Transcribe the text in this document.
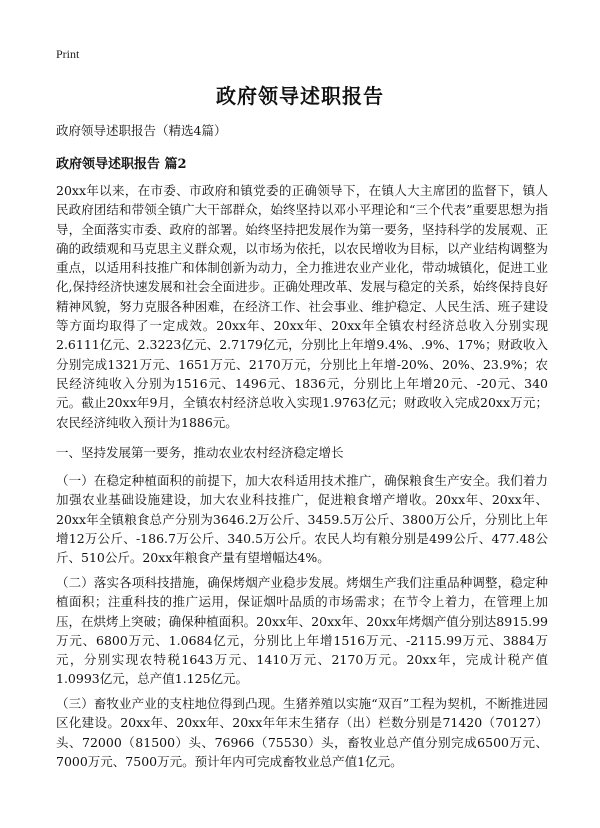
Print
政府领导述职报告
政府领导述职报告（精选4篇）
政府领导述职报告 篇2
20xx年以来，在市委、市政府和镇党委的正确领导下，在镇人大主席团的监督下，镇人民政府团结和带领全镇广大干部群众，始终坚持以邓小平理论和“三个代表”重要思想为指导，全面落实市委、政府的部署。始终坚持把发展作为第一要务，坚持科学的发展观、正确的政绩观和马克思主义群众观，以市场为依托，以农民增收为目标，以产业结构调整为重点，以适用科技推广和体制创新为动力，全力推进农业产业化，带动城镇化，促进工业化,保持经济快速发展和社会全面进步。正确处理改革、发展与稳定的关系，始终保持良好精神风貌，努力克服各种困难，在经济工作、社会事业、维护稳定、人民生活、班子建设等方面均取得了一定成效。20xx年、20xx年、20xx年全镇农村经济总收入分别实现2.6111亿元、2.3223亿元、2.7179亿元，分别比上年增9.4%、.9%、17%；财政收入分别完成1321万元、1651万元、2170万元，分别比上年增-20%、20%、23.9%；农民经济纯收入分别为1516元、1496元、1836元，分别比上年增20元、-20元、340元。截止20xx年9月，全镇农村经济总收入实现1.9763亿元；财政收入完成20xx万元；农民经济纯收入预计为1886元。
一、坚持发展第一要务，推动农业农村经济稳定增长
（一）在稳定种植面积的前提下，加大农科适用技术推广，确保粮食生产安全。我们着力加强农业基础设施建设，加大农业科技推广，促进粮食增产增收。20xx年、20xx年、20xx年全镇粮食总产分别为3646.2万公斤、3459.5万公斤、3800万公斤，分别比上年增12万公斤、-186.7万公斤、340.5万公斤。农民人均有粮分别是499公斤、477.48公斤、510公斤。20xx年粮食产量有望增幅达4%。
（二）落实各项科技措施，确保烤烟产业稳步发展。烤烟生产我们注重品种调整，稳定种植面积；注重科技的推广运用，保证烟叶品质的市场需求；在节令上着力，在管理上加压，在烘烤上突破；确保种植面积。20xx年、20xx年、20xx年烤烟产值分别达8915.99万元、6800万元、1.0684亿元，分别比上年增1516万元、-2115.99万元、3884万元，分别实现农特税1643万元、1410万元、2170万元。20xx年，完成计税产值1.0993亿元，总产值1.125亿元。
（三）畜牧业产业的支柱地位得到凸现。生猪养殖以实施“双百”工程为契机，不断推进园区化建设。20xx年、20xx年、20xx年年末生猪存（出）栏数分别是71420（70127）头、72000（81500）头、76966（75530）头，畜牧业总产值分别完成6500万元、7000万元、7500万元。预计年内可完成畜牧业总产值1亿元。
